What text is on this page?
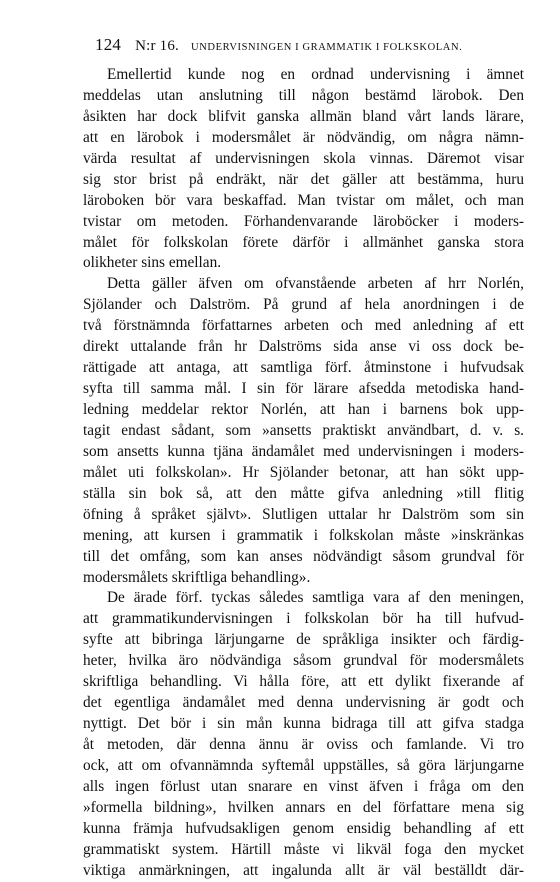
124 N:r 16. UNDERVISNINGEN I GRAMMATIK I FOLKSKOLAN.
Emellertid kunde nog en ordnad undervisning i ämnet
meddelas utan anslutning till någon bestämd lärobok. Den
åsikten har dock blifvit ganska allmän bland vårt lands lärare,
att en lärobok i modersmålet är nödvändig, om några nämn-
värda resultat af undervisningen skola vinnas. Däremot visar
sig stor brist på endräkt, när det gäller att bestämma, huru
läroboken bör vara beskaffad. Man tvistar om målet, och man
tvistar om metoden. Förhandenvarande läroböcker i moders-
målet för folkskolan förete därför i allmänhet ganska stora
olikheter sins emellan.
Detta gäller äfven om ofvanstående arbeten af hrr Norlén,
Sjölander och Dalström. På grund af hela anordningen i de
två förstnämnda författarnes arbeten och med anledning af ett
direkt uttalande från hr Dalströms sida anse vi oss dock be-
rättigade att antaga, att samtliga förf. åtminstone i hufvudsak
syfta till samma mål. I sin för lärare afsedda metodiska hand-
ledning meddelar rektor Norlén, att han i barnens bok upp-
tagit endast sådant, som »ansetts praktiskt användbart, d. v. s.
som ansetts kunna tjäna ändamålet med undervisningen i moders-
målet uti folkskolan». Hr Sjölander betonar, att han sökt upp-
ställa sin bok så, att den måtte gifva anledning »till flitig
öfning å språket självt». Slutligen uttalar hr Dalström som sin
mening, att kursen i grammatik i folkskolan måste »inskränkas
till det omfång, som kan anses nödvändigt såsom grundval för
modersmålets skriftliga behandling».
De ärade förf. tyckas således samtliga vara af den meningen,
att grammatikundervisningen i folkskolan bör ha till hufvud-
syfte att bibringa lärjungarne de språkliga insikter och färdig-
heter, hvilka äro nödvändiga såsom grundval för modersmålets
skriftliga behandling. Vi hålla före, att ett dylikt fixerande af
det egentliga ändamålet med denna undervisning är godt och
nyttigt. Det bör i sin mån kunna bidraga till att gifva stadga
åt metoden, där denna ännu är oviss och famlande. Vi tro
ock, att om ofvannämnda syftemål uppställes, så göra lärjungarne
alls ingen förlust utan snarare en vinst äfven i fråga om den
»formella bildning», hvilken annars en del författare mena sig
kunna främja hufvudsakligen genom ensidig behandling af ett
grammatiskt system. Härtill måste vi likväl foga den mycket
viktiga anmärkningen, att ingalunda allt är väl beställdt där-
